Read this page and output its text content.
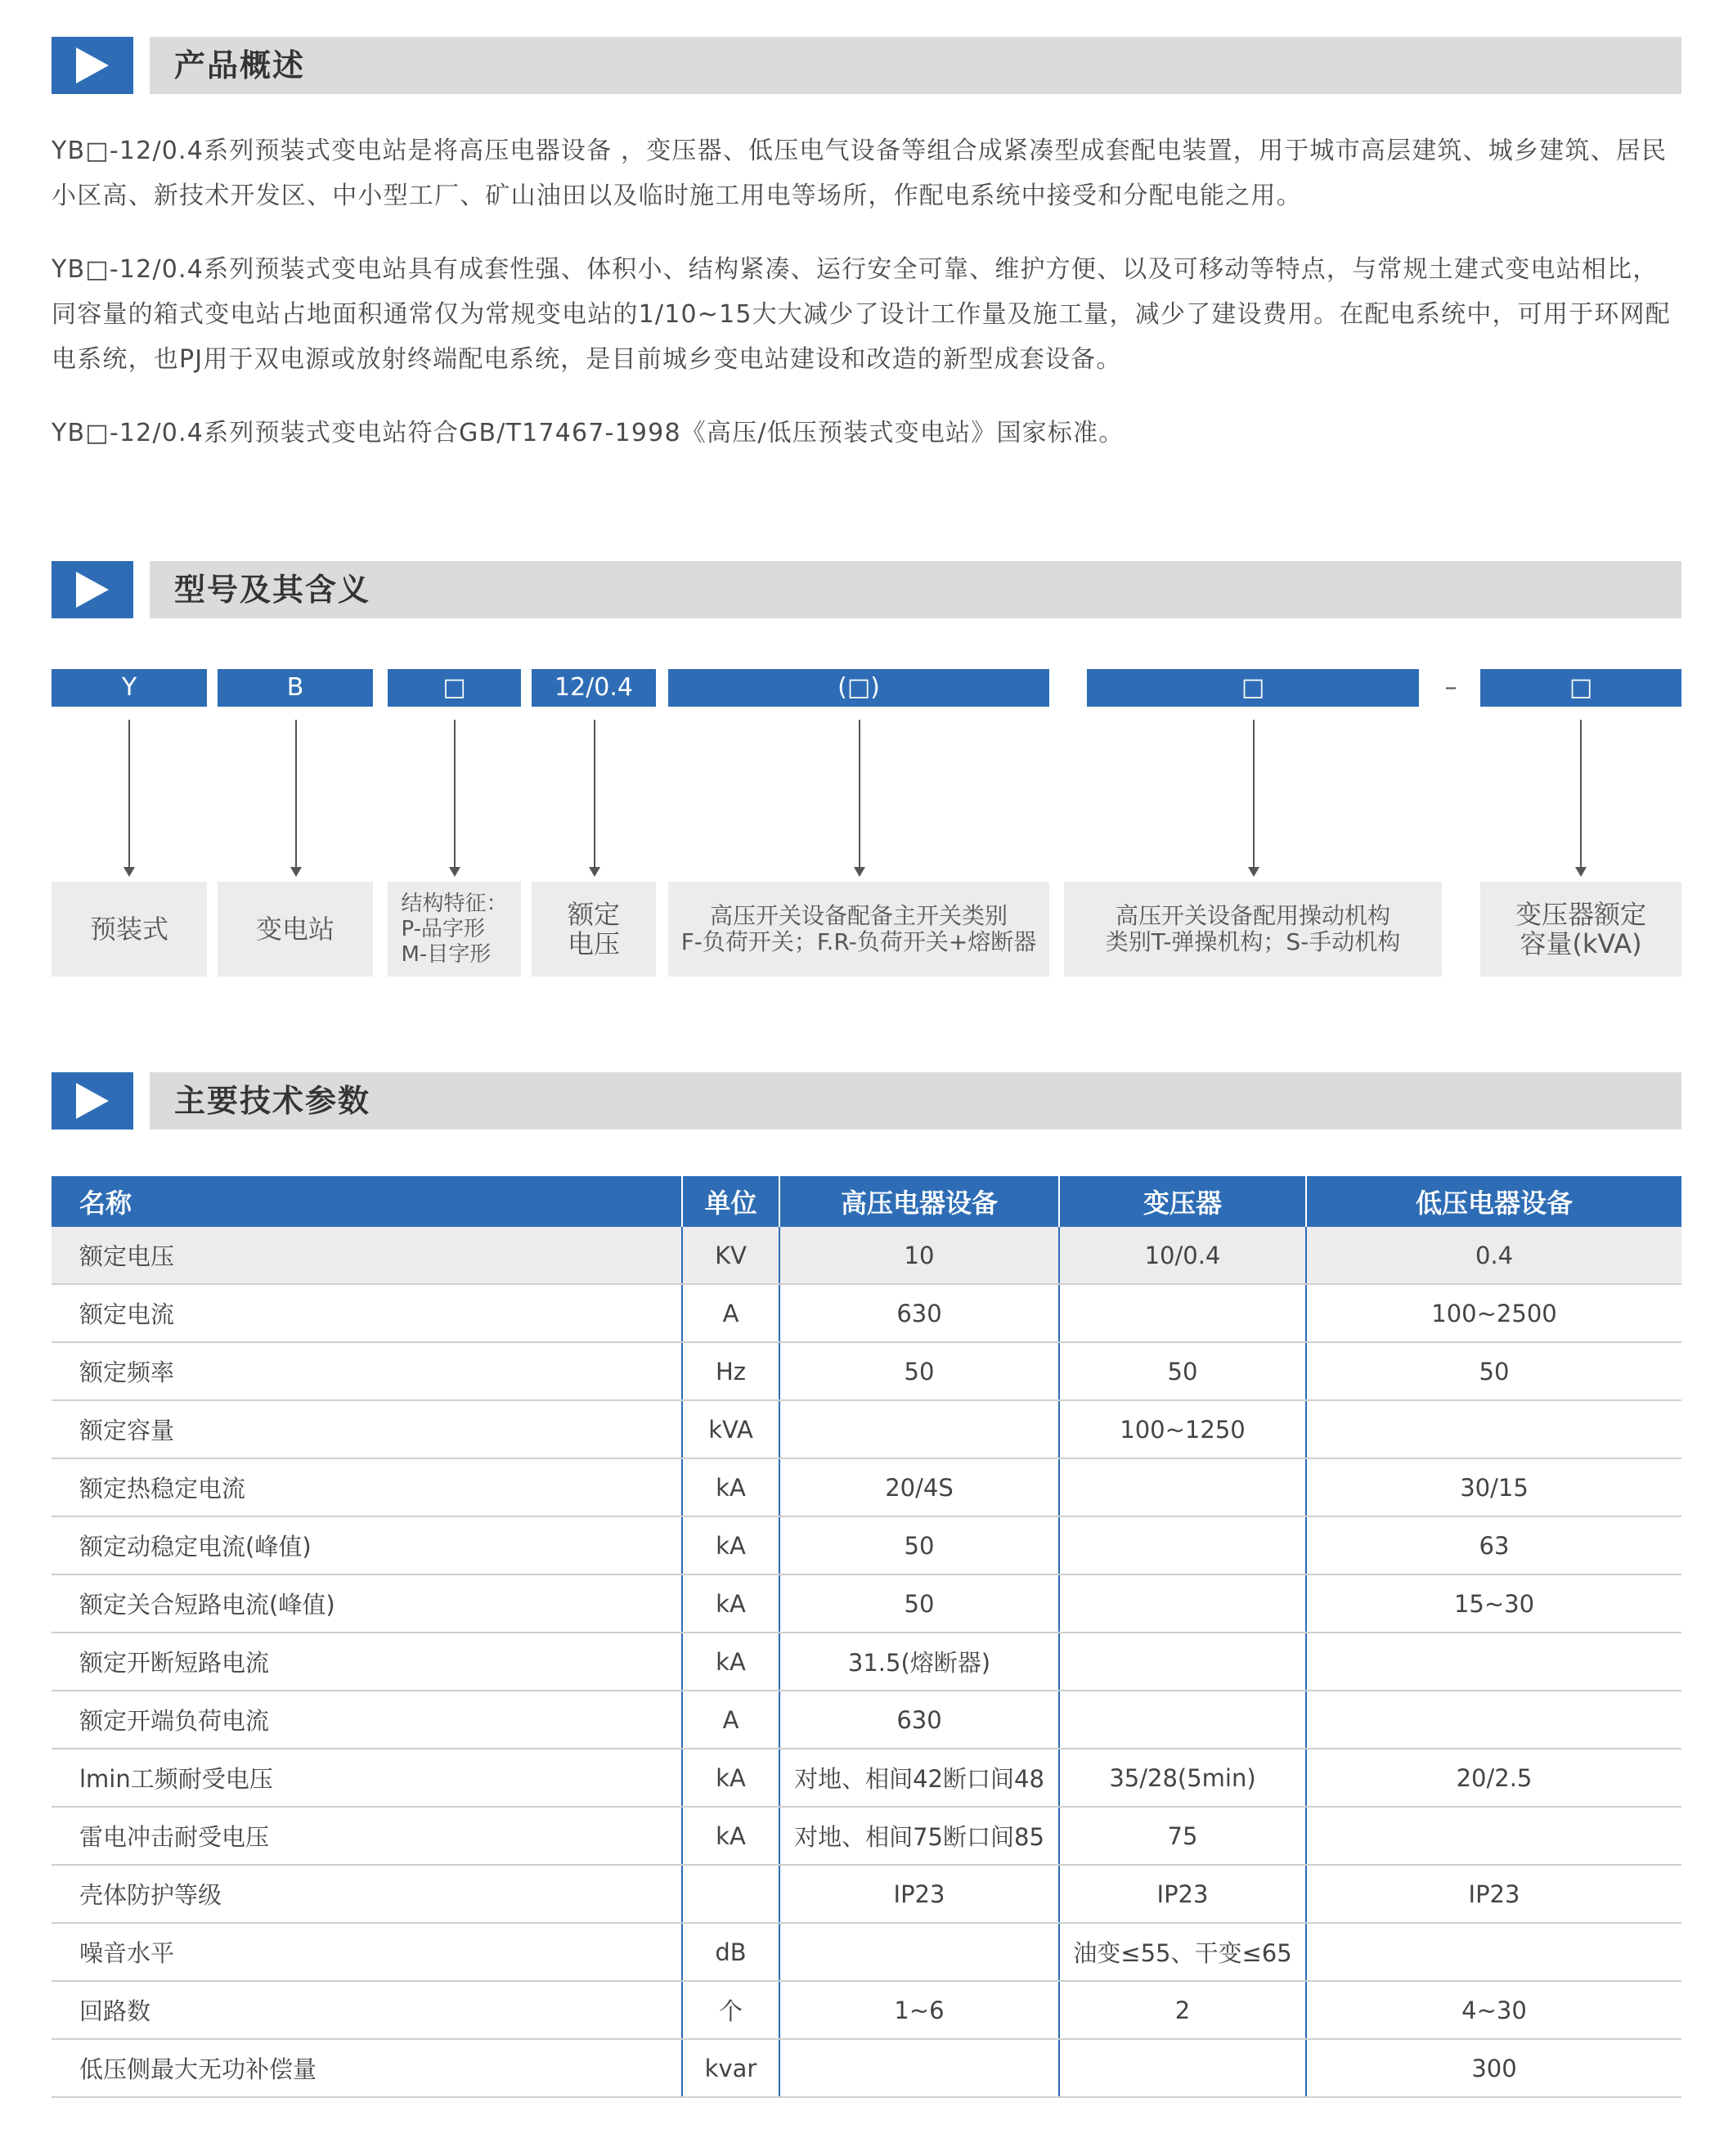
产品概述

YB□-12/0.4系列预装式变电站是将高压电器设备 ，变压器、低压电气设备等组合成紧凑型成套配电装置，用于城市高层建筑、城乡建筑、居民小区高、新技术开发区、中小型工厂、矿山油田以及临时施工用电等场所，作配电系统中接受和分配电能之用。

YB□-12/0.4系列预装式变电站具有成套性强、体积小、结构紧凑、运行安全可靠、维护方便、以及可移动等特点，与常规土建式变电站相比，同容量的箱式变电站占地面积通常仅为常规变电站的1/10~15大大减少了设计工作量及施工量，减少了建设费用。在配电系统中，可用于环网配电系统，也PJ用于双电源或放射终端配电系统，是目前城乡变电站建设和改造的新型成套设备。

YB□-12/0.4系列预装式变电站符合GB/T17467-1998《高压/低压预装式变电站》国家标准。

型号及其含义
Y	B	□	12/0.4	(□)	□	–	□
预装式	变电站
结构特征：
P-品字形
M-目字形
额定
电压
高压开关设备配备主开关类别
F-负荷开关；F.R-负荷开关+熔断器
高压开关设备配用操动机构
类别T-弹操机构；S-手动机构
变压器额定
容量(kVA)
主要技术参数
名称	单位	高压电器设备	变压器	低压电器设备
额定电压	KV	10	10/0.4	0.4
额定电流	A	630		100~2500
额定频率	Hz	50	50	50
额定容量	kVA		100~1250	
额定热稳定电流	kA	20/4S		30/15
额定动稳定电流(峰值)	kA	50		63
额定关合短路电流(峰值)	kA	50		15~30
额定开断短路电流	kA	31.5(熔断器)		
额定开端负荷电流	A	630		
lmin工频耐受电压	kA	对地、相间42断口间48	35/28(5min)	20/2.5
雷电冲击耐受电压	kA	对地、相间75断口间85	75	
壳体防护等级		IP23	IP23	IP23
噪音水平	dB		油变≤55、干变≤65	
回路数	个	1~6	2	4~30
低压侧最大无功补偿量	kvar			300
